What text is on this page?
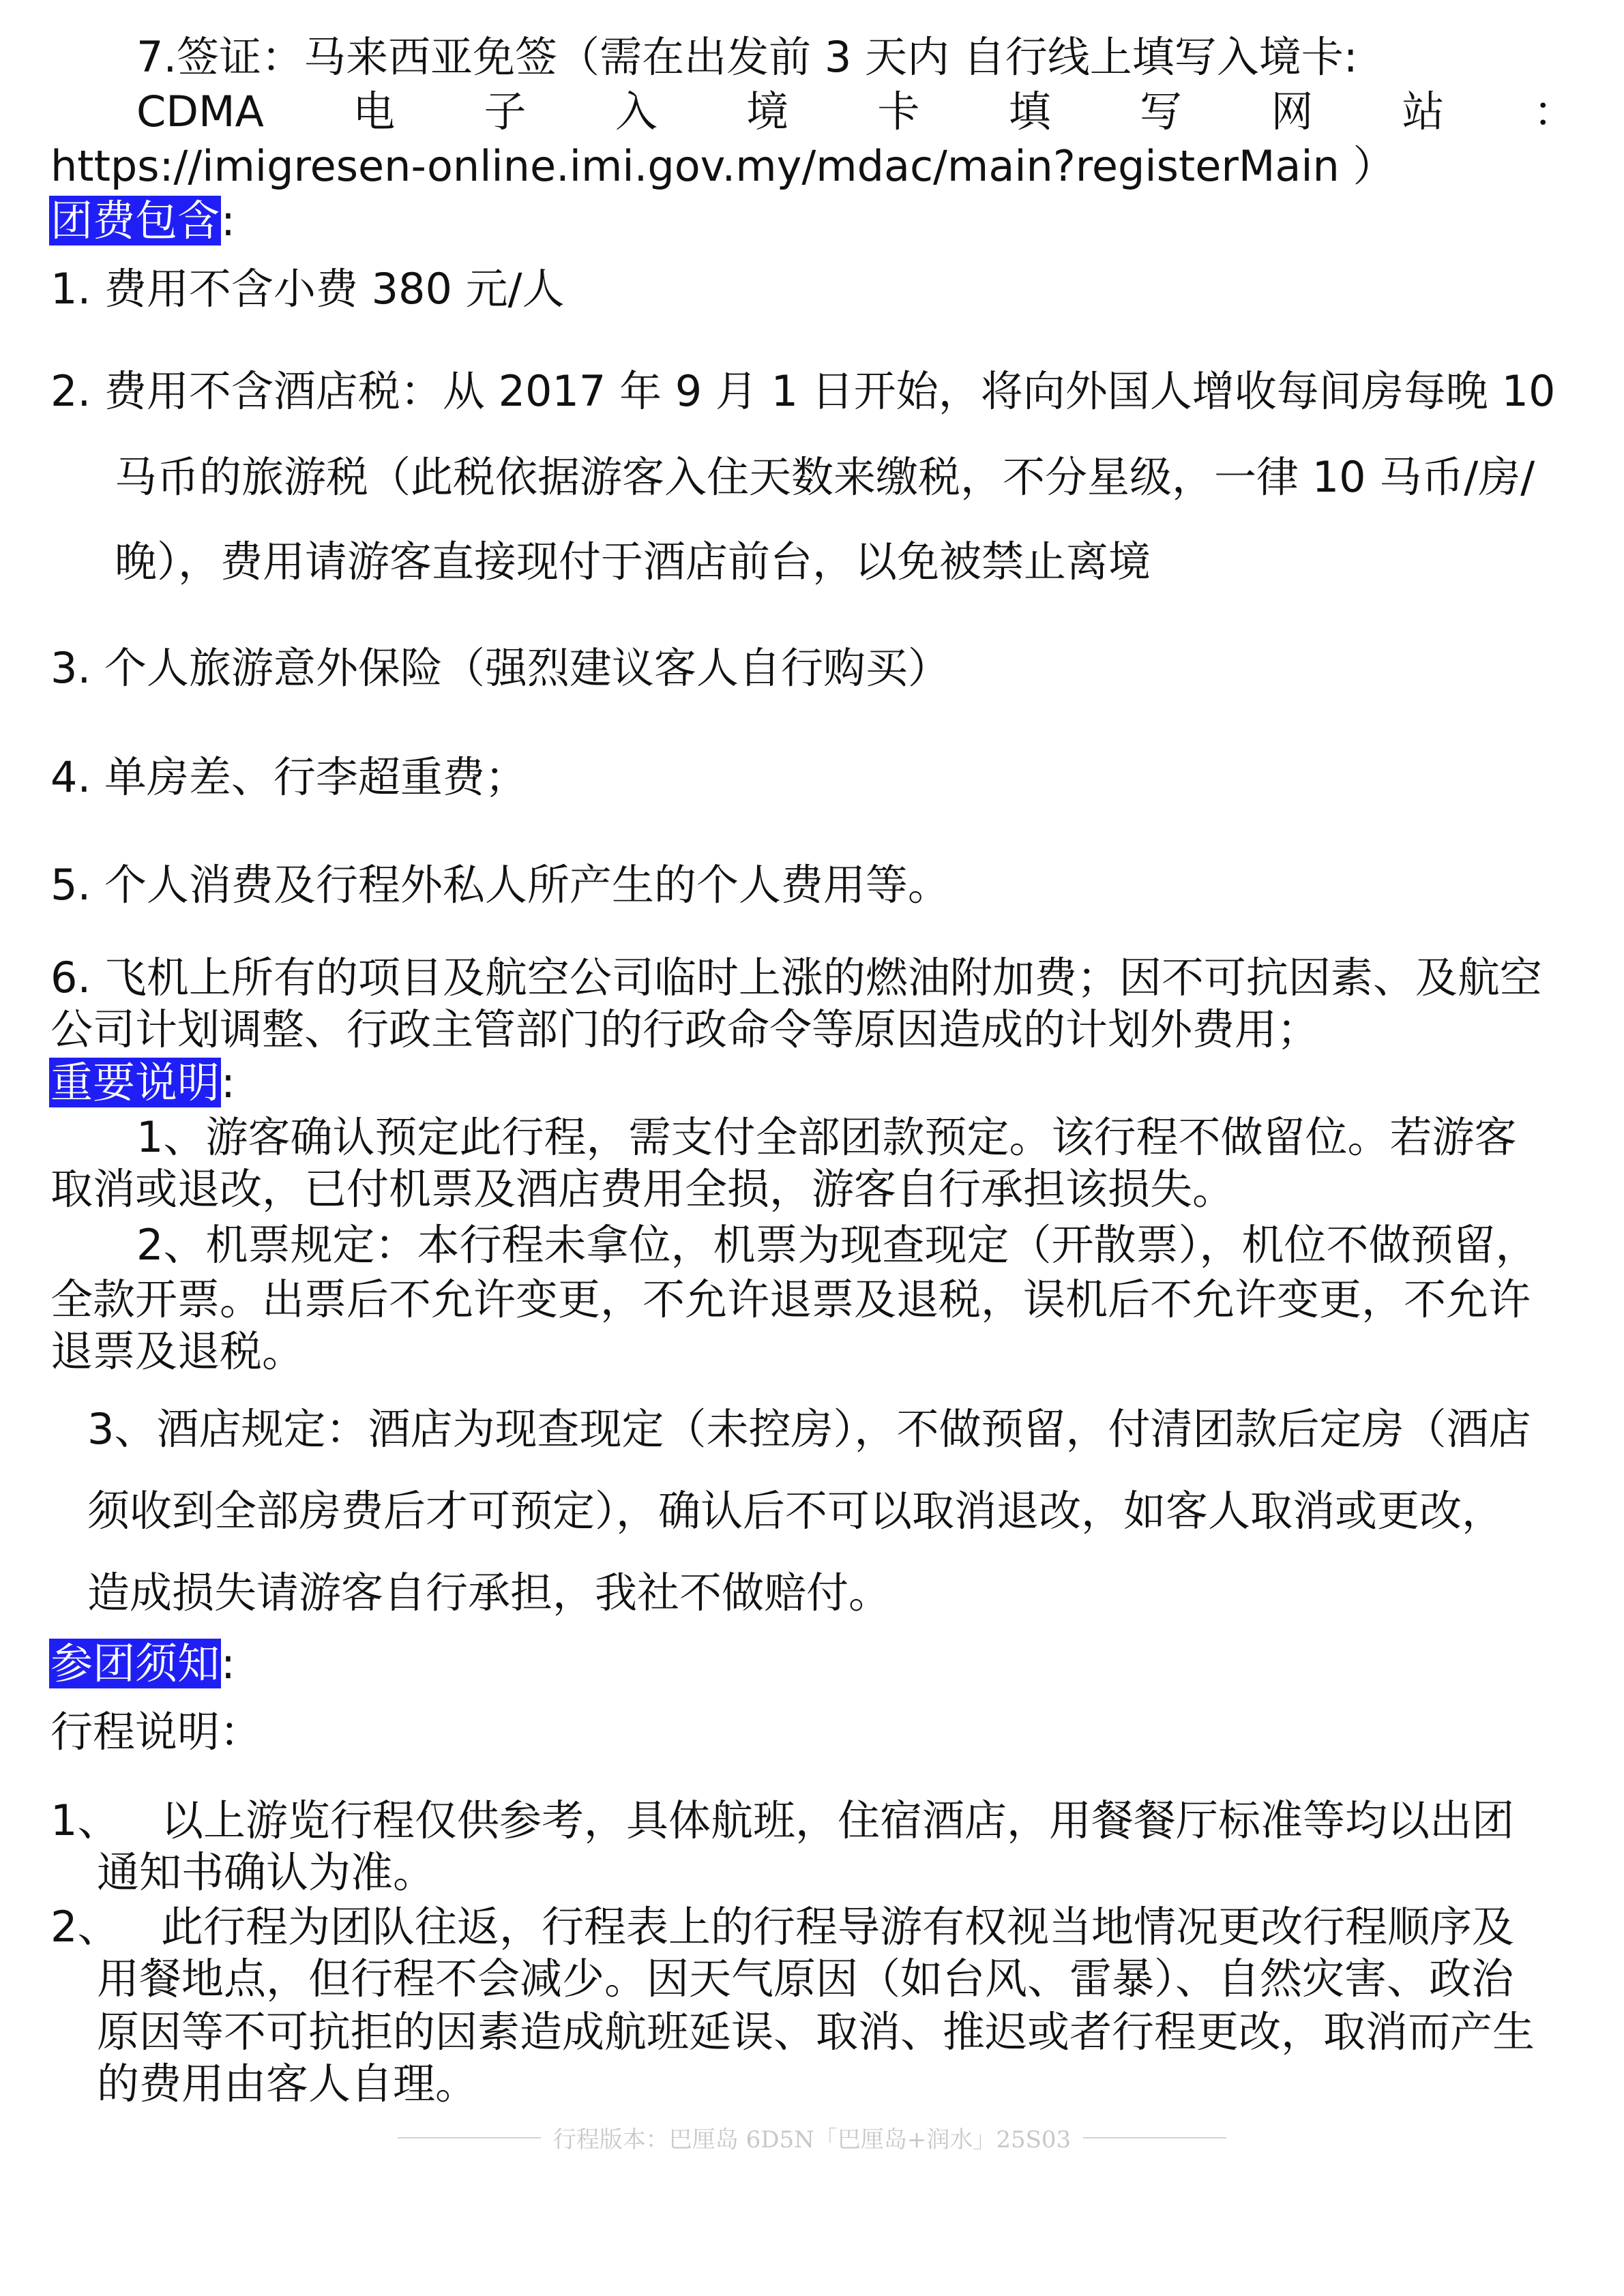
7.签证：马来西亚免签（需在出发前 3 天内 自行线上填写入境卡:
CDMA 电 子 入 境 卡 填 写 网 站 ：
https://imigresen-online.imi.gov.my/mdac/main?registerMain ）
团费包含:
1. 费用不含小费 380 元/人
2. 费用不含酒店税：从 2017 年 9 月 1 日开始，将向外国人增收每间房每晚 10
马币的旅游税（此税依据游客入住天数来缴税，不分星级，一律 10 马币/房/
晚），费用请游客直接现付于酒店前台，以免被禁止离境
3. 个人旅游意外保险（强烈建议客人自行购买）
4. 单房差、行李超重费；
5. 个人消费及行程外私人所产生的个人费用等。
6. 飞机上所有的项目及航空公司临时上涨的燃油附加费；因不可抗因素、及航空
公司计划调整、行政主管部门的行政命令等原因造成的计划外费用；
重要说明:
1、游客确认预定此行程，需支付全部团款预定。该行程不做留位。若游客
取消或退改，已付机票及酒店费用全损，游客自行承担该损失。
2、机票规定：本行程未拿位，机票为现查现定（开散票），机位不做预留，
全款开票。出票后不允许变更，不允许退票及退税，误机后不允许变更，不允许
退票及退税。
3、酒店规定：酒店为现查现定（未控房），不做预留，付清团款后定房（酒店
须收到全部房费后才可预定），确认后不可以取消退改，如客人取消或更改，
造成损失请游客自行承担，我社不做赔付。
参团须知:
行程说明：
1、 以上游览行程仅供参考，具体航班，住宿酒店，用餐餐厅标准等均以出团
通知书确认为准。
2、 此行程为团队往返，行程表上的行程导游有权视当地情况更改行程顺序及
用餐地点，但行程不会减少。因天气原因（如台风、雷暴）、自然灾害、政治
原因等不可抗拒的因素造成航班延误、取消、推迟或者行程更改，取消而产生
的费用由客人自理。
行程版本：巴厘岛 6D5N「巴厘岛+润水」25S03
